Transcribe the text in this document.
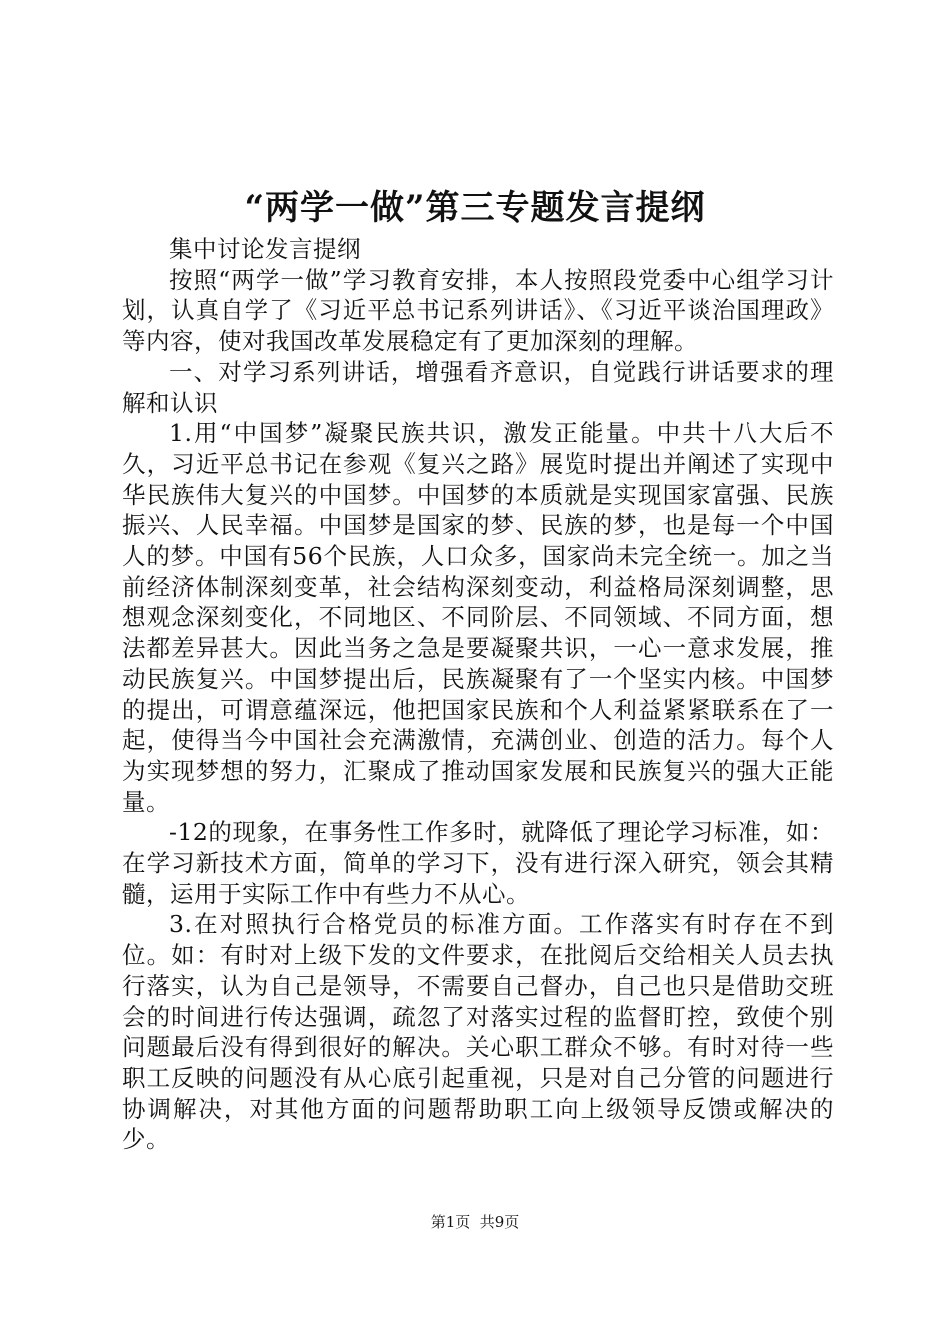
“两学一做”第三专题发言提纲

集中讨论发言提纲

按照“两学一做”学习教育安排，本人按照段党委中心组学习计划，认真自学了《习近平总书记系列讲话》、《习近平谈治国理政》等内容，使对我国改革发展稳定有了更加深刻的理解。

一、对学习系列讲话，增强看齐意识，自觉践行讲话要求的理解和认识

1.用“中国梦”凝聚民族共识，激发正能量。中共十八大后不久，习近平总书记在参观《复兴之路》展览时提出并阐述了实现中华民族伟大复兴的中国梦。中国梦的本质就是实现国家富强、民族振兴、人民幸福。中国梦是国家的梦、民族的梦，也是每一个中国人的梦。中国有56个民族，人口众多，国家尚未完全统一。加之当前经济体制深刻变革，社会结构深刻变动，利益格局深刻调整，思想观念深刻变化，不同地区、不同阶层、不同领域、不同方面，想法都差异甚大。因此当务之急是要凝聚共识，一心一意求发展，推动民族复兴。中国梦提出后，民族凝聚有了一个坚实内核。中国梦的提出，可谓意蕴深远，他把国家民族和个人利益紧紧联系在了一起，使得当今中国社会充满激情，充满创业、创造的活力。每个人为实现梦想的努力，汇聚成了推动国家发展和民族复兴的强大正能量。

-12的现象，在事务性工作多时，就降低了理论学习标准，如：在学习新技术方面，简单的学习下，没有进行深入研究，领会其精髓，运用于实际工作中有些力不从心。

3.在对照执行合格党员的标准方面。工作落实有时存在不到位。如：有时对上级下发的文件要求，在批阅后交给相关人员去执行落实，认为自己是领导，不需要自己督办，自己也只是借助交班会的时间进行传达强调，疏忽了对落实过程的监督盯控，致使个别问题最后没有得到很好的解决。关心职工群众不够。有时对待一些职工反映的问题没有从心底引起重视，只是对自己分管的问题进行协调解决，对其他方面的问题帮助职工向上级领导反馈或解决的少。

第1页  共9页
